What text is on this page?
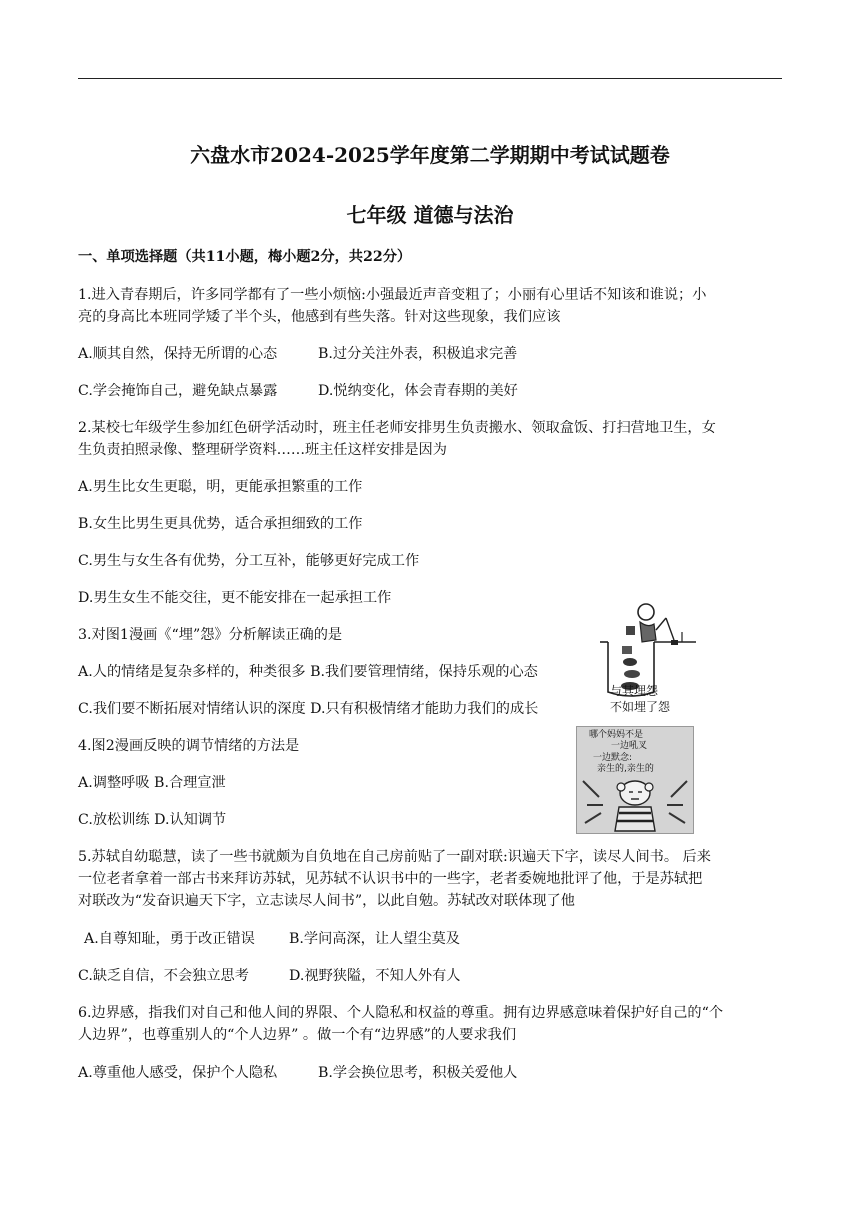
六盘水市2024-2025学年度第二学期期中考试试题卷
七年级 道德与法治
一、单项选择题（共11小题，梅小题2分，共22分）
1.进入青春期后，许多同学都有了一些小烦恼:小强最近声音变粗了；小丽有心里话不知该和谁说；小
亮的身高比本班同学矮了半个头，他感到有些失落。针对这些现象，我们应该
A.顺其自然，保持无所谓的心态	B.过分关注外表，积极追求完善
C.学会掩饰自己，避免缺点暴露	D.悦纳变化，体会青春期的美好
2.某校七年级学生参加红色研学活动时，班主任老师安排男生负责搬水、领取盒饭、打扫营地卫生，女
生负责拍照录像、整理研学资料……班主任这样安排是因为
A.男生比女生更聪，明，更能承担繁重的工作
B.女生比男生更具优势，适合承担细致的工作
C.男生与女生各有优势，分工互补，能够更好完成工作
D.男生女生不能交往，更不能安排在一起承担工作
3.对图1漫画《“埋”怨》分析解读正确的是
A.人的情绪是复杂多样的，种类很多 B.我们要管理情绪，保持乐观的心态
C.我们要不断拓展对情绪认识的深度 D.只有积极情绪才能助力我们的成长
与其埋怨
不如埋了怨
4.图2漫画反映的调节情绪的方法是
A.调整呼吸 B.合理宣泄
C.放松训练 D.认知调节
哪个妈妈不是
一边吼叉
一边默念:
亲生的,亲生的
5.苏轼自幼聪慧，读了一些书就颇为自负地在自己房前贴了一副对联:识遍天下字，读尽人间书。 后来
一位老者拿着一部古书来拜访苏轼，见苏轼不认识书中的一些字，老者委婉地批评了他，于是苏轼把
对联改为“发奋识遍天下字，立志读尽人间书”，以此自勉。苏轼改对联体现了他
A.自尊知耻，勇于改正错误 B.学问高深，让人望尘莫及
C.缺乏自信，不会独立思考	D.视野狭隘，不知人外有人
6.边界感，指我们对自己和他人间的界限、个人隐私和权益的尊重。拥有边界感意味着保护好自己的“个
人边界”，也尊重别人的“个人边界” 。做一个有“边界感”的人要求我们
A.尊重他人感受，保护个人隐私	B.学会换位思考，积极关爱他人
